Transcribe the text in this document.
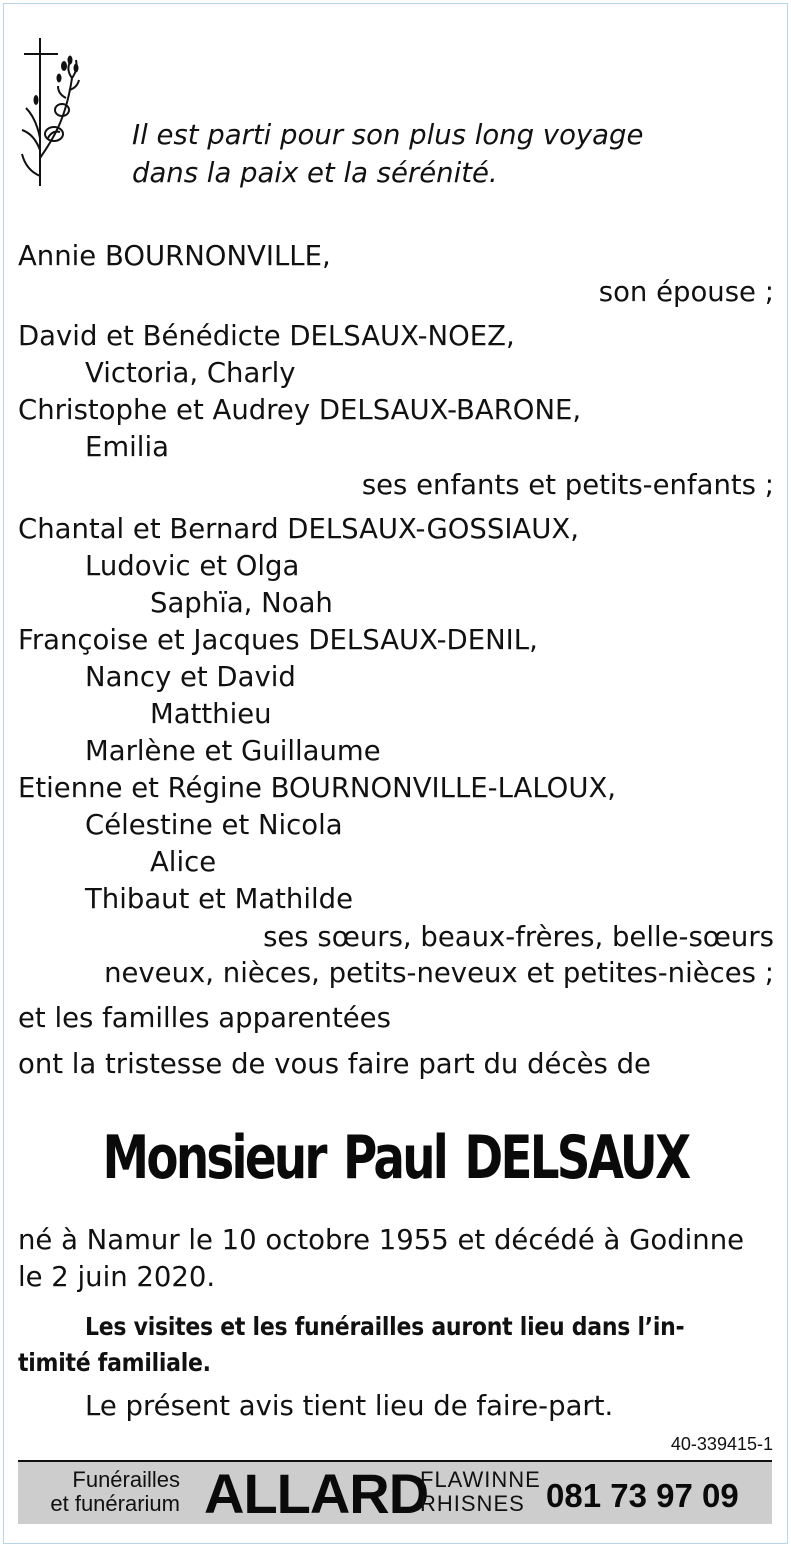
Il est parti pour son plus long voyage
dans la paix et la sérénité.
Annie BOURNONVILLE,
son épouse ;
David et Bénédicte DELSAUX-NOEZ,
Victoria, Charly
Christophe et Audrey DELSAUX-BARONE,
Emilia
ses enfants et petits-enfants ;
Chantal et Bernard DELSAUX-GOSSIAUX,
Ludovic et Olga
Saphïa, Noah
Françoise et Jacques DELSAUX-DENIL,
Nancy et David
Matthieu
Marlène et Guillaume
Etienne et Régine BOURNONVILLE-LALOUX,
Célestine et Nicola
Alice
Thibaut et Mathilde
ses sœurs, beaux-frères, belle-sœurs
neveux, nièces, petits-neveux et petites-nièces ;
et les familles apparentées
ont la tristesse de vous faire part du décès de
Monsieur Paul DELSAUX
né à Namur le 10 octobre 1955 et décédé à Godinne
le 2 juin 2020.
Les visites et les funérailles auront lieu dans l’in-
timité familiale.
Le présent avis tient lieu de faire-part.
40-339415-1
Funérailles
et funérarium ALLARD
FLAWINNE
RHISNES 081 73 97 09
